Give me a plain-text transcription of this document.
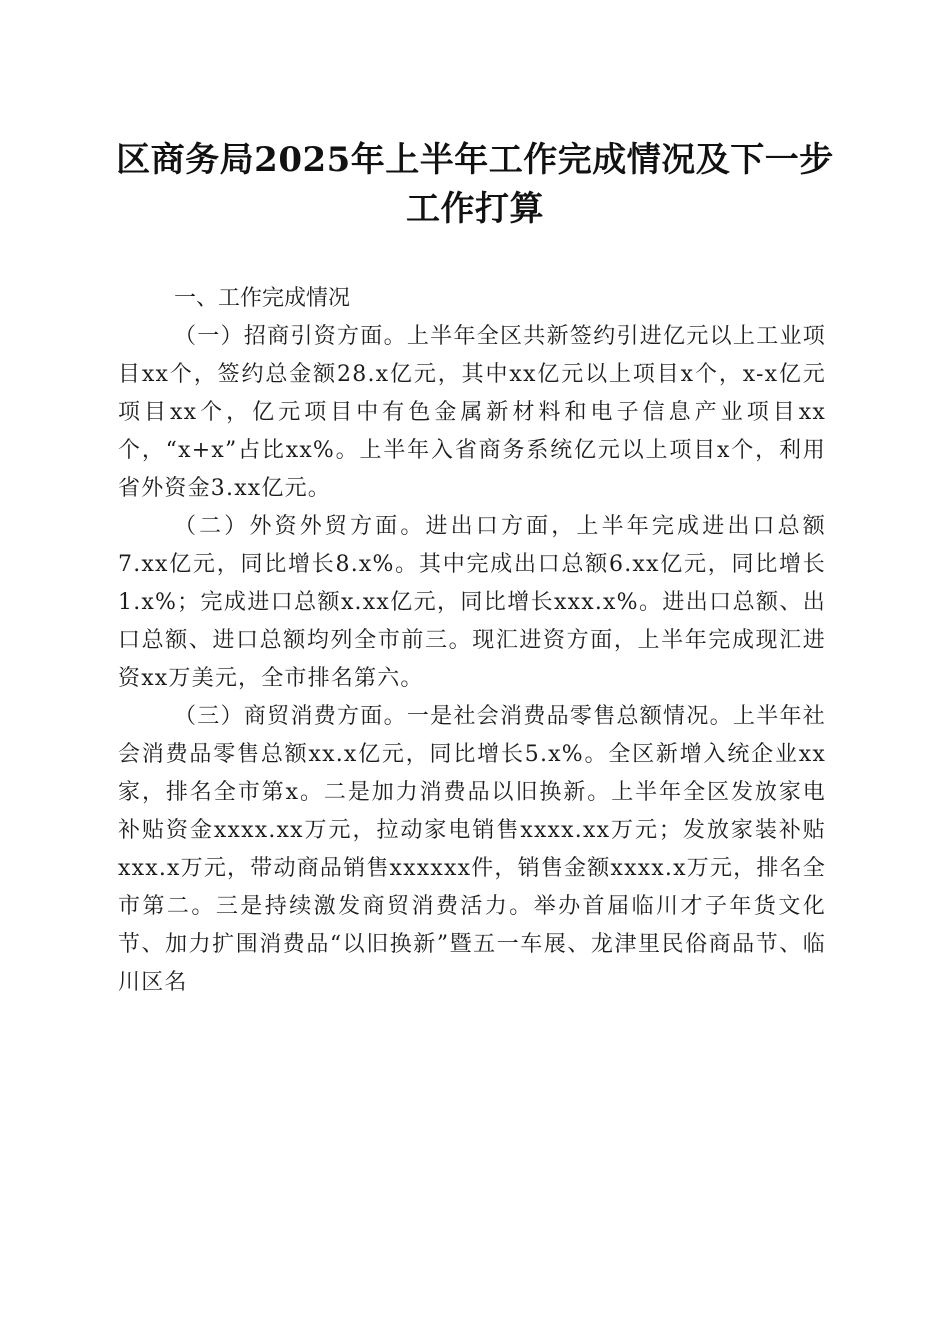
区商务局2025年上半年工作完成情况及下一步工作打算

一、工作完成情况

（一）招商引资方面。上半年全区共新签约引进亿元以上工业项目xx个，签约总金额28.x亿元，其中xx亿元以上项目x个，x-x亿元项目xx个，亿元项目中有色金属新材料和电子信息产业项目xx个，“x+x”占比xx%。上半年入省商务系统亿元以上项目x个，利用省外资金3.xx亿元。

（二）外资外贸方面。进出口方面，上半年完成进出口总额7.xx亿元，同比增长8.x%。其中完成出口总额6.xx亿元，同比增长1.x%；完成进口总额x.xx亿元，同比增长xxx.x%。进出口总额、出口总额、进口总额均列全市前三。现汇进资方面，上半年完成现汇进资xx万美元，全市排名第六。

（三）商贸消费方面。一是社会消费品零售总额情况。上半年社会消费品零售总额xx.x亿元，同比增长5.x%。全区新增入统企业xx家，排名全市第x。二是加力消费品以旧换新。上半年全区发放家电补贴资金xxxx.xx万元，拉动家电销售xxxx.xx万元；发放家装补贴xxx.x万元，带动商品销售xxxxxx件，销售金额xxxx.x万元，排名全市第二。三是持续激发商贸消费活力。举办首届临川才子年货文化节、加力扩围消费品“以旧换新”暨五一车展、龙津里民俗商品节、临川区名
